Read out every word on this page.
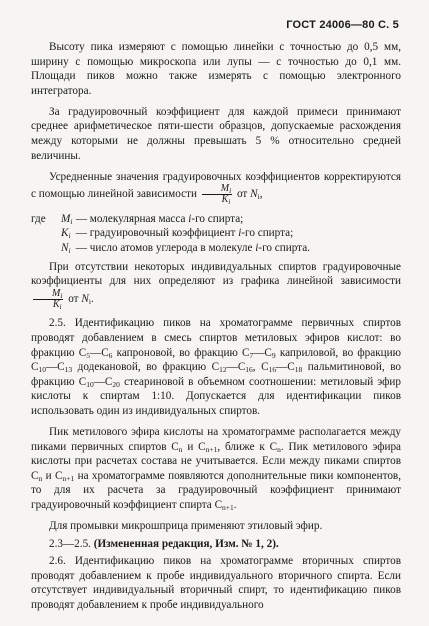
ГОСТ 24006—80 С. 5

Высоту пика измеряют с помощью линейки с точностью до 0,5 мм, ширину с помощью микроскопа или лупы — с точностью до 0,1 мм. Площади пиков можно также измерять с помощью электронного интегратора.

За градуировочный коэффициент для каждой примеси принимают среднее арифметическое пяти-шести образцов, допускаемые расхождения между которыми не должны превышать 5 % относительно средней величины.

Усредненные значения градуировочных коэффициентов корректируются с помощью линейной зависимости $\frac{M_i}{K_i}$ от $N_i$,

где $M_i$ — молекулярная масса i-го спирта;

$K_i$ — градуировочный коэффициент i-го спирта;

$N_i$ — число атомов углерода в молекуле i-го спирта.

При отсутствии некоторых индивидуальных спиртов градуировочные коэффициенты для них определяют из графика линейной зависимости
$\frac{M_i}{K_i}$ от $N_i$.

2.5. Идентификацию пиков на хроматограмме первичных спиртов проводят добавлением в смесь спиртов метиловых эфиров кислот: во фракцию $C_5—C_6$ капроновой, во фракцию $C_7—C_9$ каприловой, во фракцию $C_{10}—C_{13}$ додекановой, во фракцию $C_{12}—C_{16}$, $C_{16}—C_{18}$ пальмитиновой, во фракцию $C_{10}—C_{20}$ стеариновой в объемном соотношении: метиловый эфир кислоты к спиртам 1:10. Допускается для идентификации пиков использовать один из индивидуальных спиртов.

Пик метилового эфира кислоты на хроматограмме располагается между пиками первичных спиртов $C_n$ и $C_{n+1}$, ближе к $C_n$. Пик метилового эфира кислоты при расчетах состава не учитывается. Если между пиками спиртов $C_n$ и $C_{n+1}$ на хроматограмме появляются дополнительные пики компонентов, то для их расчета за градуировочный коэффициент принимают градуировочный коэффициент спирта $C_{n+1}$.

Для промывки микрошприца применяют этиловый эфир.

2.3—2.5. (Измененная редакция, Изм. № 1, 2).

2.6. Идентификацию пиков на хроматограмме вторичных спиртов проводят добавлением к пробе индивидуального вторичного спирта. Если отсутствует индивидуальный вторичный спирт, то идентификацию пиков проводят добавлением к пробе индивидуального
